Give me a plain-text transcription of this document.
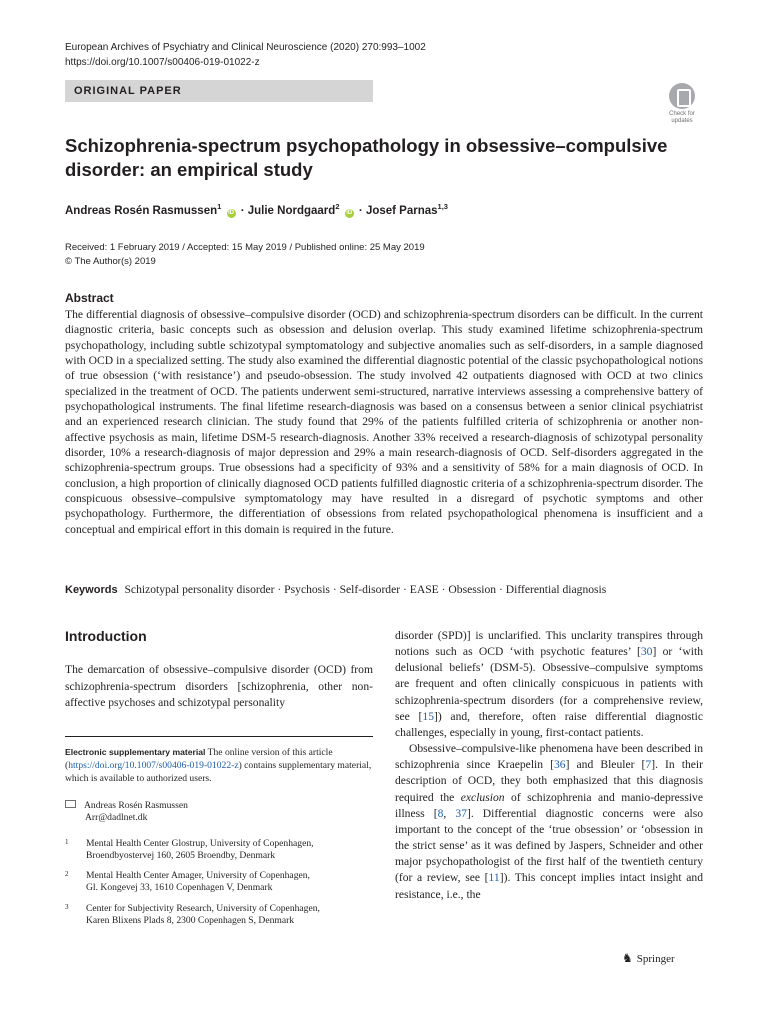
European Archives of Psychiatry and Clinical Neuroscience (2020) 270:993–1002
https://doi.org/10.1007/s00406-019-01022-z
ORIGINAL PAPER
Check for
updates
Schizophrenia-spectrum psychopathology in obsessive–compulsive disorder: an empirical study
Andreas Rosén Rasmussen$^1$ iD · Julie Nordgaard$^2$ iD · Josef Parnas$^{1,3}$
Received: 1 February 2019 / Accepted: 15 May 2019 / Published online: 25 May 2019
© The Author(s) 2019
Abstract

The differential diagnosis of obsessive–compulsive disorder (OCD) and schizophrenia-spectrum disorders can be difficult. In the current diagnostic criteria, basic concepts such as obsession and delusion overlap. This study examined lifetime schizophrenia-spectrum psychopathology, including subtle schizotypal symptomatology and subjective anomalies such as self-disorders, in a sample diagnosed with OCD in a specialized setting. The study also examined the differential diagnostic potential of the classic psychopathological notions of true obsession (‘with resistance’) and pseudo-obsession. The study involved 42 outpatients diagnosed with OCD at two clinics specialized in the treatment of OCD. The patients underwent semi-structured, narrative interviews assessing a comprehensive battery of psychopathological instruments. The final lifetime research-diagnosis was based on a consensus between a senior clinical psychiatrist and an experienced research clinician. The study found that 29% of the patients fulfilled criteria of schizophrenia or another non-affective psychosis as main, lifetime DSM-5 research-diagnosis. Another 33% received a research-diagnosis of schizotypal personality disorder, 10% a research-diagnosis of major depression and 29% a main research-diagnosis of OCD. Self-disorders aggregated in the schizophrenia-spectrum groups. True obsessions had a specificity of 93% and a sensitivity of 58% for a main diagnosis of OCD. In conclusion, a high proportion of clinically diagnosed OCD patients fulfilled diagnostic criteria of a schizophrenia-spectrum disorder. The conspicuous obsessive–compulsive symptomatology may have resulted in a disregard of psychotic symptoms and other psychopathology. Furthermore, the differentiation of obsessions from related psychopathological phenomena is insufficient and a conceptual and empirical effort in this domain is required in the future.

Keywords Schizotypal personality disorder · Psychosis · Self-disorder · EASE · Obsession · Differential diagnosis
Introduction

The demarcation of obsessive–compulsive disorder (OCD) from schizophrenia-spectrum disorders [schizophrenia, other non-affective psychoses and schizotypal personality

Electronic supplementary material The online version of this article (https://doi.org/10.1007/s00406-019-01022-z) contains supplementary material, which is available to authorized users.

Andreas Rosén Rasmussen
Arr@dadlnet.dk
1 Mental Health Center Glostrup, University of Copenhagen,
Broendbyostervej 160, 2605 Broendby, Denmark
2 Mental Health Center Amager, University of Copenhagen,
Gl. Kongevej 33, 1610 Copenhagen V, Denmark
3 Center for Subjectivity Research, University of Copenhagen,
Karen Blixens Plads 8, 2300 Copenhagen S, Denmark

disorder (SPD)] is unclarified. This unclarity transpires through notions such as OCD ‘with psychotic features’ [30] or ‘with delusional beliefs’ (DSM-5). Obsessive–compulsive symptoms are frequent and often clinically conspicuous in patients with schizophrenia-spectrum disorders (for a comprehensive review, see [15]) and, therefore, often raise differential diagnostic challenges, especially in young, first-contact patients.

Obsessive–compulsive-like phenomena have been described in schizophrenia since Kraepelin [36] and Bleuler [7]. In their description of OCD, they both emphasized that this diagnosis required the exclusion of schizophrenia and manio-depressive illness [8, 37]. Differential diagnostic concerns were also important to the concept of the ‘true obsession’ or ‘obsession in the strict sense’ as it was defined by Jaspers, Schneider and other major psychopathologist of the first half of the twentieth century (for a review, see [11]). This concept implies intact insight and resistance, i.e., the

♞ Springer
